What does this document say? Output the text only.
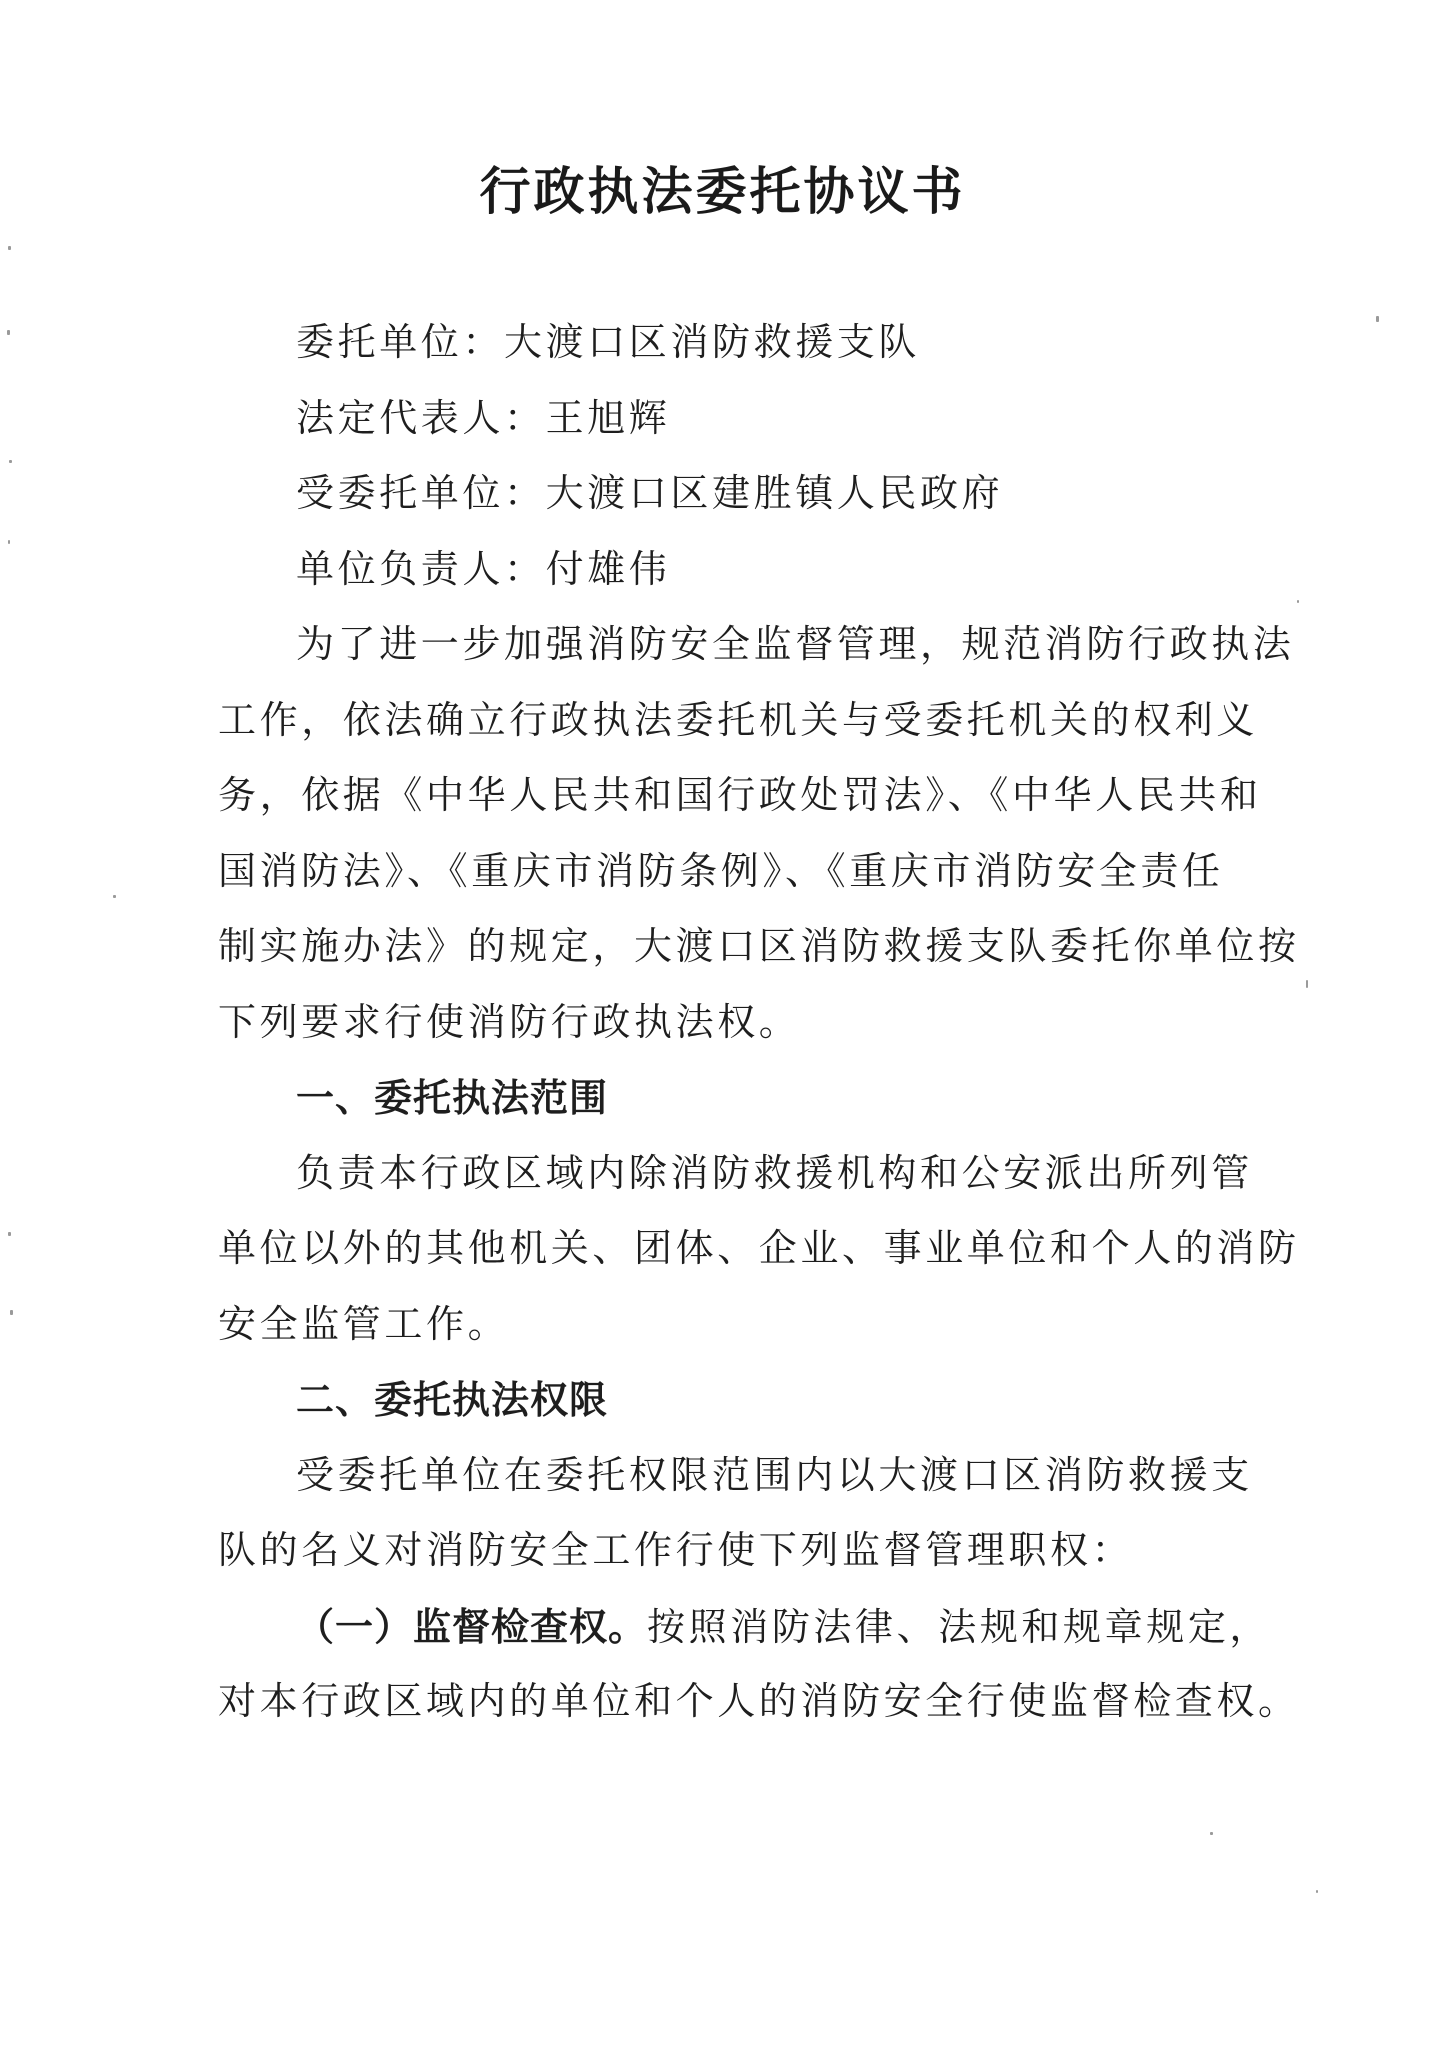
行政执法委托协议书
委托单位：大渡口区消防救援支队
法定代表人：王旭辉
受委托单位：大渡口区建胜镇人民政府
单位负责人：付雄伟
为了进一步加强消防安全监督管理，规范消防行政执法
工作，依法确立行政执法委托机关与受委托机关的权利义
务，依据《中华人民共和国行政处罚法》、《中华人民共和
国消防法》、《重庆市消防条例》、《重庆市消防安全责任
制实施办法》的规定，大渡口区消防救援支队委托你单位按
下列要求行使消防行政执法权。
一、委托执法范围
负责本行政区域内除消防救援机构和公安派出所列管
单位以外的其他机关、团体、企业、事业单位和个人的消防
安全监管工作。
二、委托执法权限
受委托单位在委托权限范围内以大渡口区消防救援支
队的名义对消防安全工作行使下列监督管理职权：
（一）监督检查权。按照消防法律、法规和规章规定，
对本行政区域内的单位和个人的消防安全行使监督检查权。
